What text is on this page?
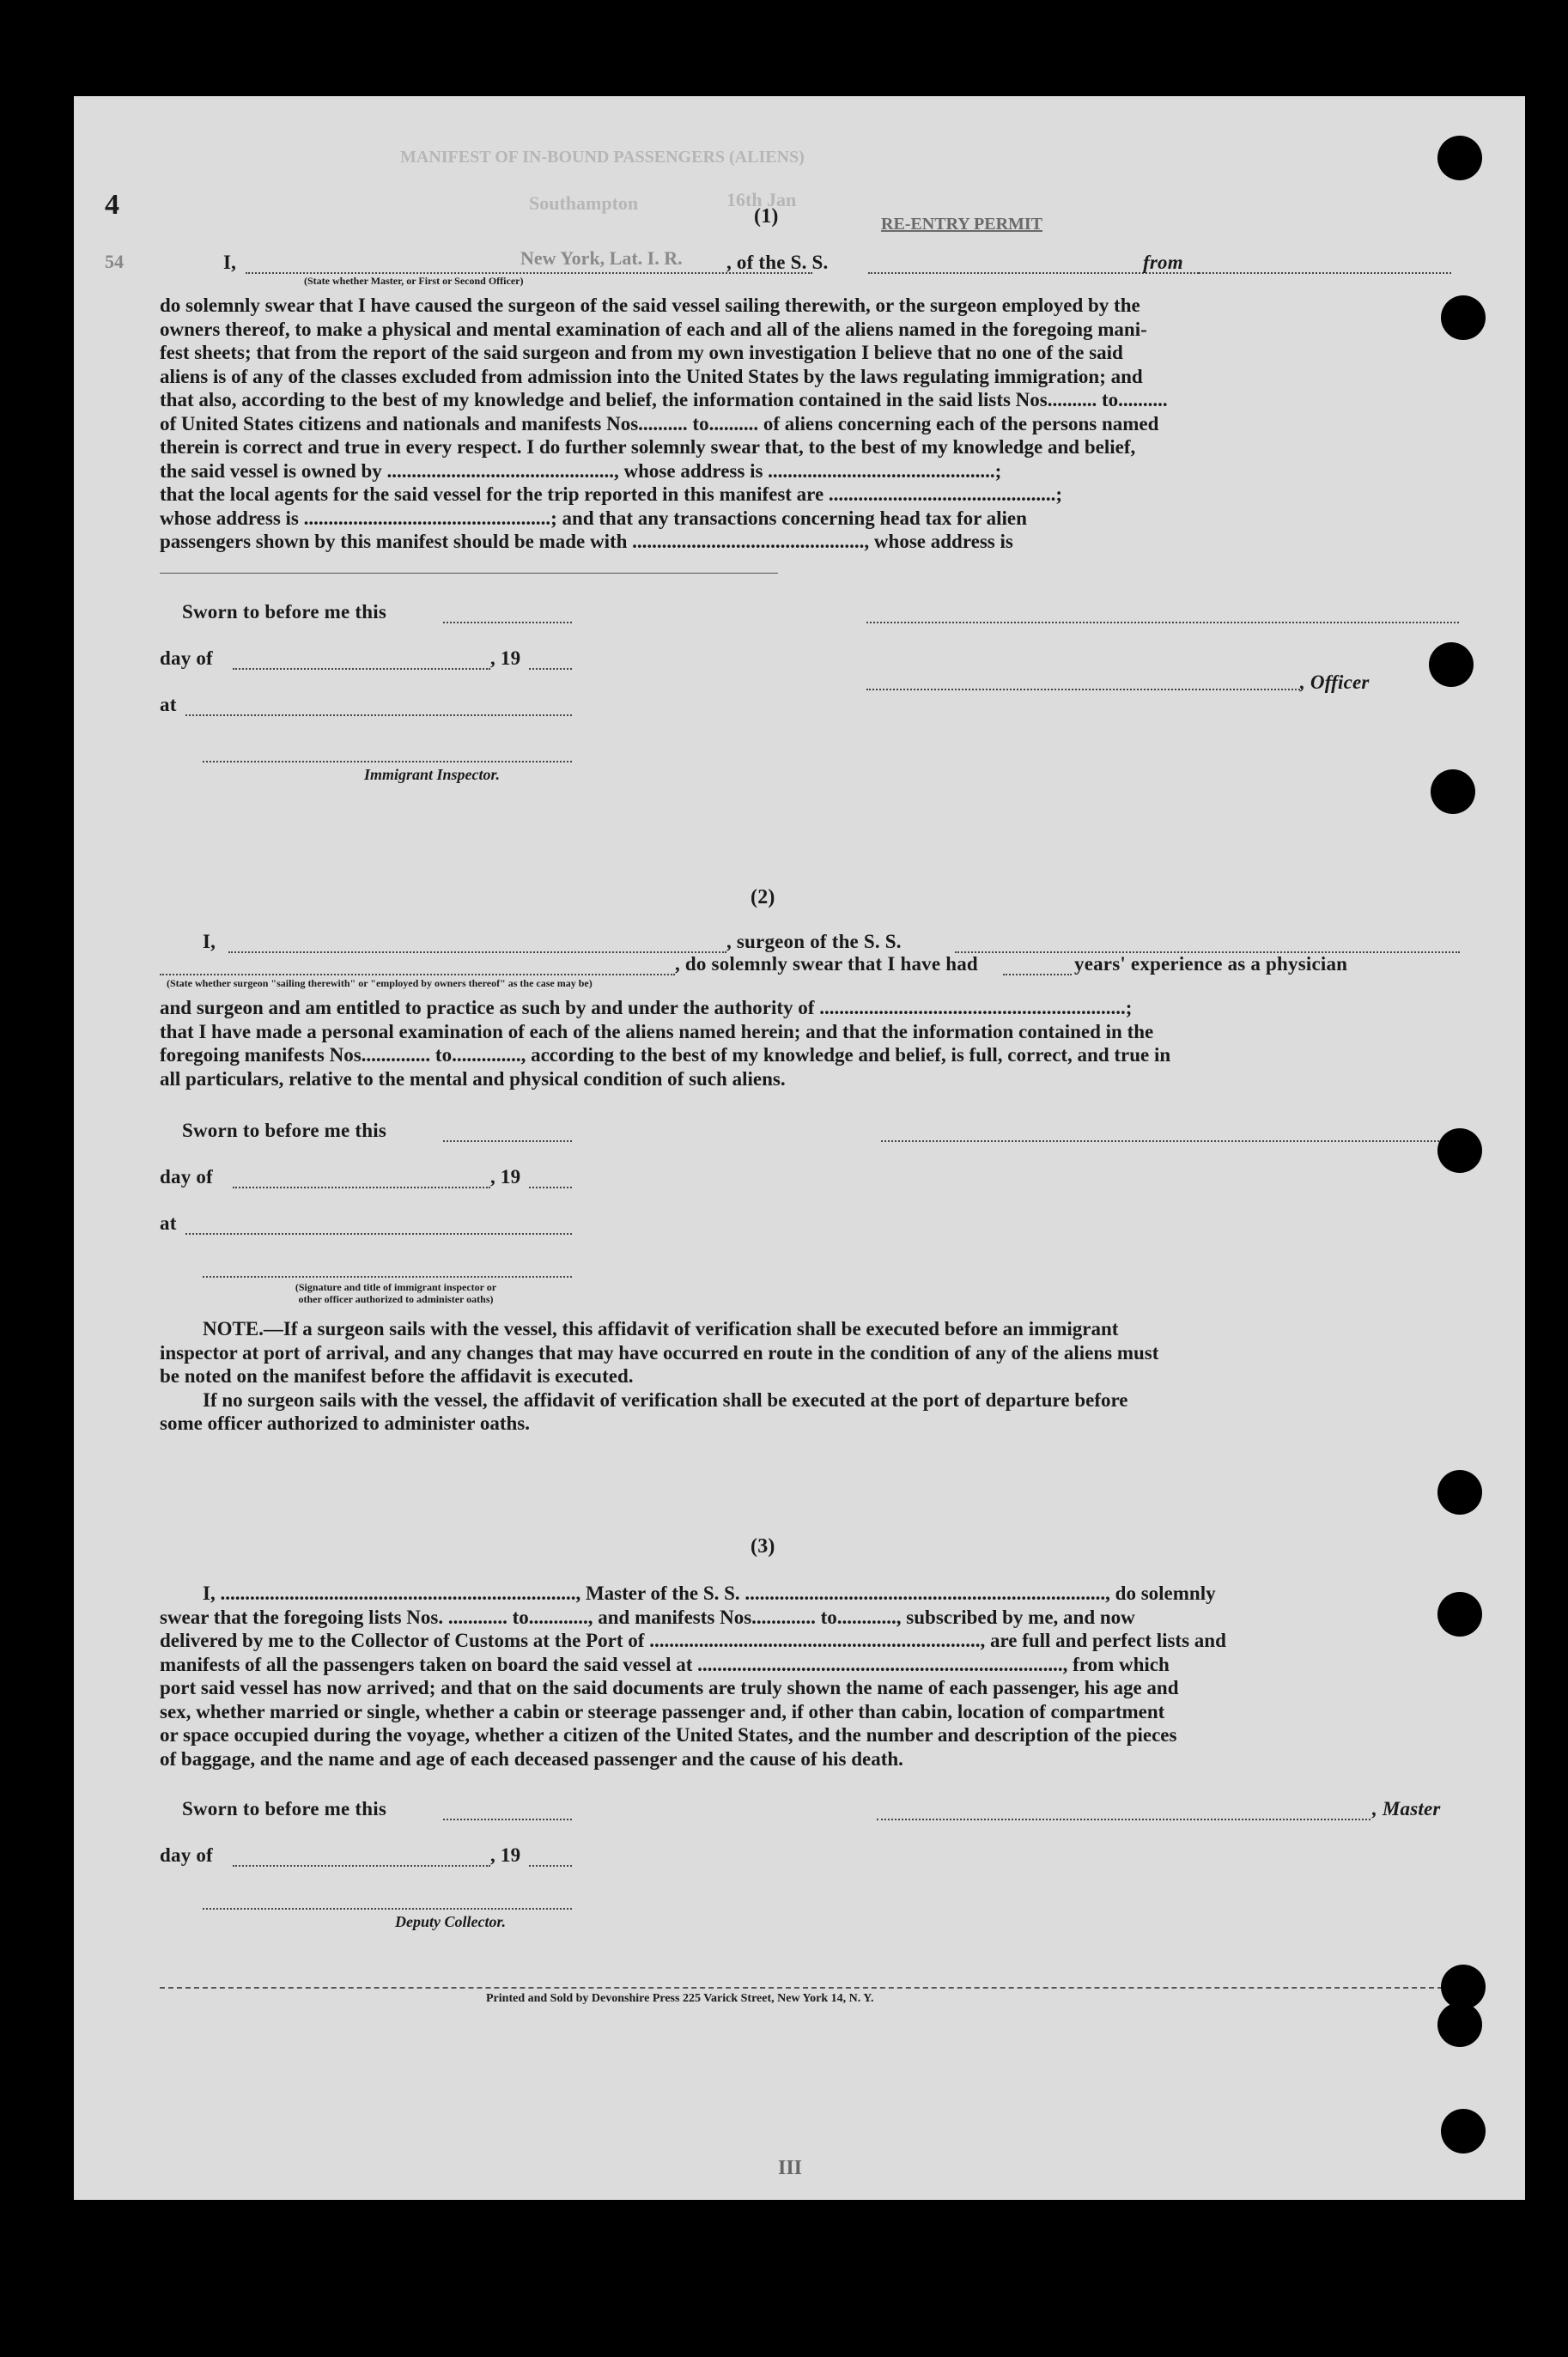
MANIFEST OF IN-BOUND PASSENGERS (ALIENS)
Southampton	16th Jan
RE-ENTRY PERMIT
4
54
(1)
I,	New York, Lat. I. R. , of the S. S.	from
(State whether Master, or First or Second Officer)
do solemnly swear that I have caused the surgeon of the said vessel sailing therewith, or the surgeon employed by the
owners thereof, to make a physical and mental examination of each and all of the aliens named in the foregoing mani-
fest sheets; that from the report of the said surgeon and from my own investigation I believe that no one of the said
aliens is of any of the classes excluded from admission into the United States by the laws regulating immigration; and
that also, according to the best of my knowledge and belief, the information contained in the said lists Nos.......... to..........
of United States citizens and nationals and manifests Nos.......... to.......... of aliens concerning each of the persons named
therein is correct and true in every respect. I do further solemnly swear that, to the best of my knowledge and belief,
the said vessel is owned by .............................................., whose address is ..............................................;
that the local agents for the said vessel for the trip reported in this manifest are ..............................................;
whose address is ..................................................; and that any transactions concerning head tax for alien
passengers shown by this manifest should be made with ..............................................., whose address is
Sworn to before me this
day of	, 19
, Officer
at
Immigrant Inspector.
(2)
I,	, surgeon of the S. S.
, do solemnly swear that I have had	years' experience as a physician
(State whether surgeon "sailing therewith" or "employed by owners thereof" as the case may be)
and surgeon and am entitled to practice as such by and under the authority of ..............................................................;
that I have made a personal examination of each of the aliens named herein; and that the information contained in the
foregoing manifests Nos.............. to.............., according to the best of my knowledge and belief, is full, correct, and true in
all particulars, relative to the mental and physical condition of such aliens.
Sworn to before me this
day of	, 19
at
(Signature and title of immigrant inspector or
other officer authorized to administer oaths)
NOTE.—If a surgeon sails with the vessel, this affidavit of verification shall be executed before an immigrant
inspector at port of arrival, and any changes that may have occurred en route in the condition of any of the aliens must
be noted on the manifest before the affidavit is executed.
If no surgeon sails with the vessel, the affidavit of verification shall be executed at the port of departure before
some officer authorized to administer oaths.
(3)
I, ........................................................................, Master of the S. S. ........................................................................., do solemnly
swear that the foregoing lists Nos. ............ to............, and manifests Nos............. to............, subscribed by me, and now
delivered by me to the Collector of Customs at the Port of ..................................................................., are full and perfect lists and
manifests of all the passengers taken on board the said vessel at .........................................................................., from which
port said vessel has now arrived; and that on the said documents are truly shown the name of each passenger, his age and
sex, whether married or single, whether a cabin or steerage passenger and, if other than cabin, location of compartment
or space occupied during the voyage, whether a citizen of the United States, and the number and description of the pieces
of baggage, and the name and age of each deceased passenger and the cause of his death.
Sworn to before me this	, Master
day of	, 19
Deputy Collector.
Printed and Sold by Devonshire Press 225 Varick Street, New York 14, N. Y.
III
